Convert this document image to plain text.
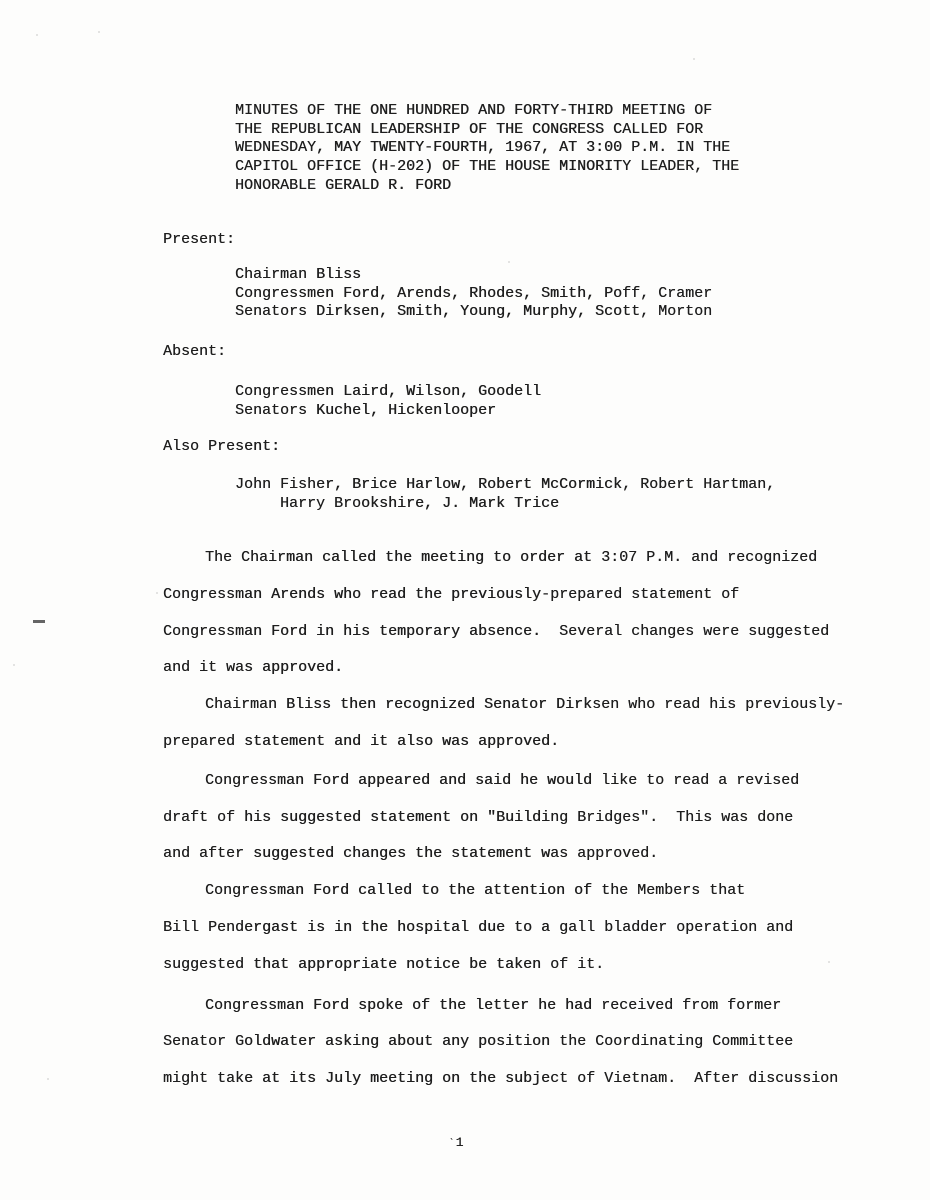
MINUTES OF THE ONE HUNDRED AND FORTY-THIRD MEETING OF
THE REPUBLICAN LEADERSHIP OF THE CONGRESS CALLED FOR
WEDNESDAY, MAY TWENTY-FOURTH, 1967, AT 3:00 P.M. IN THE
CAPITOL OFFICE (H-202) OF THE HOUSE MINORITY LEADER, THE
HONORABLE GERALD R. FORD
Present:
Chairman Bliss
Congressmen Ford, Arends, Rhodes, Smith, Poff, Cramer
Senators Dirksen, Smith, Young, Murphy, Scott, Morton
Absent:
Congressmen Laird, Wilson, Goodell
Senators Kuchel, Hickenlooper
Also Present:
John Fisher, Brice Harlow, Robert McCormick, Robert Hartman,
Harry Brookshire, J. Mark Trice
The Chairman called the meeting to order at 3:07 P.M. and recognized
Congressman Arends who read the previously-prepared statement of
Congressman Ford in his temporary absence.  Several changes were suggested
and it was approved.
Chairman Bliss then recognized Senator Dirksen who read his previously-
prepared statement and it also was approved.
Congressman Ford appeared and said he would like to read a revised
draft of his suggested statement on "Building Bridges".  This was done
and after suggested changes the statement was approved.
Congressman Ford called to the attention of the Members that
Bill Pendergast is in the hospital due to a gall bladder operation and
suggested that appropriate notice be taken of it.
Congressman Ford spoke of the letter he had received from former
Senator Goldwater asking about any position the Coordinating Committee
might take at its July meeting on the subject of Vietnam.  After discussion
‵1
